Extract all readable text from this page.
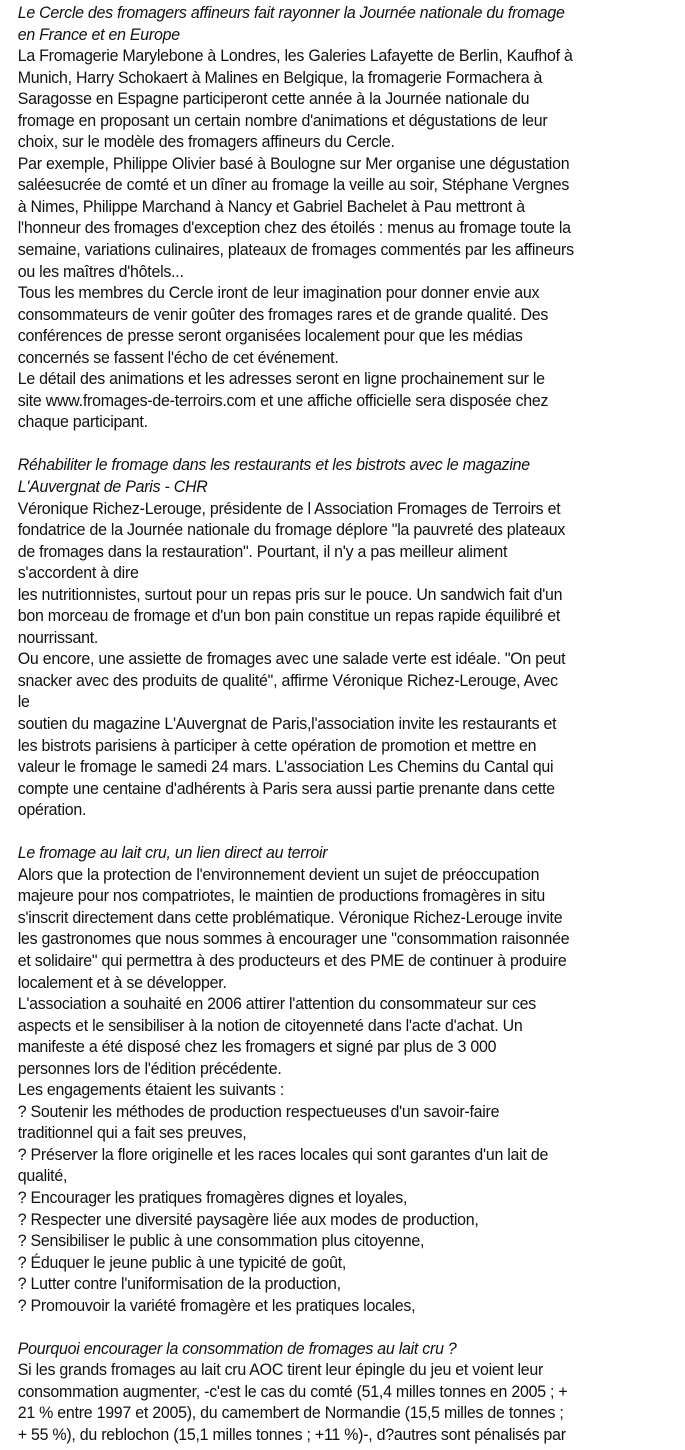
Le Cercle des fromagers affineurs fait rayonner la Journée nationale du fromage
en France et en Europe
La Fromagerie Marylebone à Londres, les Galeries Lafayette de Berlin, Kaufhof à
Munich, Harry Schokaert à Malines en Belgique, la fromagerie Formachera à
Saragosse en Espagne participeront cette année à la Journée nationale du
fromage en proposant un certain nombre d'animations et dégustations de leur
choix, sur le modèle des fromagers affineurs du Cercle.
Par exemple, Philippe Olivier basé à Boulogne sur Mer organise une dégustation
saléesucrée de comté et un dîner au fromage la veille au soir, Stéphane Vergnes
à Nimes, Philippe Marchand à Nancy et Gabriel Bachelet à Pau mettront à
l'honneur des fromages d'exception chez des étoilés : menus au fromage toute la
semaine, variations culinaires, plateaux de fromages commentés par les affineurs
ou les maîtres d'hôtels...
Tous les membres du Cercle iront de leur imagination pour donner envie aux
consommateurs de venir goûter des fromages rares et de grande qualité. Des
conférences de presse seront organisées localement pour que les médias
concernés se fassent l'écho de cet événement.
Le détail des animations et les adresses seront en ligne prochainement sur le
site www.fromages-de-terroirs.com et une affiche officielle sera disposée chez
chaque participant.
Réhabiliter le fromage dans les restaurants et les bistrots avec le magazine
L'Auvergnat de Paris - CHR
Véronique Richez-Lerouge, présidente de l Association Fromages de Terroirs et
fondatrice de la Journée nationale du fromage déplore "la pauvreté des plateaux
de fromages dans la restauration". Pourtant, il n'y a pas meilleur aliment
s'accordent à dire
les nutritionnistes, surtout pour un repas pris sur le pouce. Un sandwich fait d'un
bon morceau de fromage et d'un bon pain constitue un repas rapide équilibré et
nourrissant.
Ou encore, une assiette de fromages avec une salade verte est idéale. "On peut
snacker avec des produits de qualité", affirme Véronique Richez-Lerouge, Avec
le
soutien du magazine L'Auvergnat de Paris,l'association invite les restaurants et
les bistrots parisiens à participer à cette opération de promotion et mettre en
valeur le fromage le samedi 24 mars. L'association Les Chemins du Cantal qui
compte une centaine d'adhérents à Paris sera aussi partie prenante dans cette
opération.
Le fromage au lait cru, un lien direct au terroir
Alors que la protection de l'environnement devient un sujet de préoccupation
majeure pour nos compatriotes, le maintien de productions fromagères in situ
s'inscrit directement dans cette problématique. Véronique Richez-Lerouge invite
les gastronomes que nous sommes à encourager une "consommation raisonnée
et solidaire" qui permettra à des producteurs et des PME de continuer à produire
localement et à se développer.
L'association a souhaité en 2006 attirer l'attention du consommateur sur ces
aspects et le sensibiliser à la notion de citoyenneté dans l'acte d'achat. Un
manifeste a été disposé chez les fromagers et signé par plus de 3 000
personnes lors de l'édition précédente.
Les engagements étaient les suivants :
? Soutenir les méthodes de production respectueuses d'un savoir-faire
traditionnel qui a fait ses preuves,
? Préserver la flore originelle et les races locales qui sont garantes d'un lait de
qualité,
? Encourager les pratiques fromagères dignes et loyales,
? Respecter une diversité paysagère liée aux modes de production,
? Sensibiliser le public à une consommation plus citoyenne,
? Éduquer le jeune public à une typicité de goût,
? Lutter contre l'uniformisation de la production,
? Promouvoir la variété fromagère et les pratiques locales,
Pourquoi encourager la consommation de fromages au lait cru ?
Si les grands fromages au lait cru AOC tirent leur épingle du jeu et voient leur
consommation augmenter, -c'est le cas du comté (51,4 milles tonnes en 2005 ; +
21 % entre 1997 et 2005), du camembert de Normandie (15,5 milles de tonnes ;
+ 55 %), du reblochon (15,1 milles tonnes ; +11 %)-, d?autres sont pénalisés par
